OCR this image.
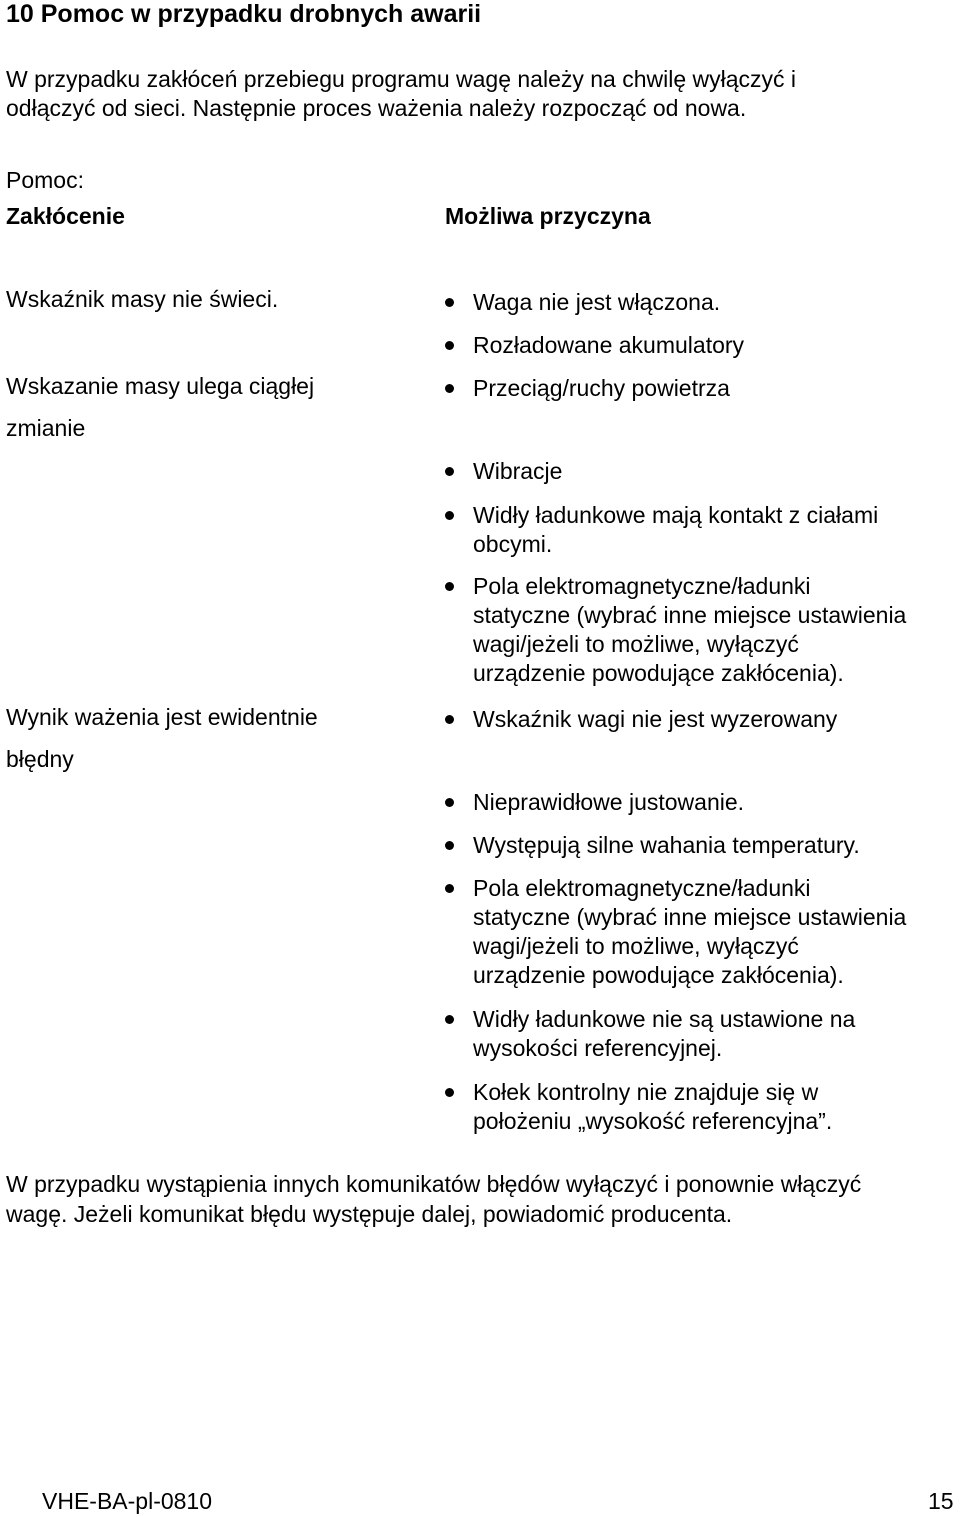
10 Pomoc w przypadku drobnych awarii
W przypadku zakłóceń przebiegu programu wagę należy na chwilę wyłączyć i
odłączyć od sieci. Następnie proces ważenia należy rozpocząć od nowa.
Pomoc:
Zakłócenie	Możliwa przyczyna
Wskaźnik masy nie świeci.
Wskazanie masy ulega ciągłej
zmianie
Wynik ważenia jest ewidentnie
błędny
Waga nie jest włączona.
Rozładowane akumulatory
Przeciąg/ruchy powietrza
Wibracje
Widły ładunkowe mają kontakt z ciałami
obcymi.
Pola elektromagnetyczne/ładunki
statyczne (wybrać inne miejsce ustawienia
wagi/jeżeli to możliwe, wyłączyć
urządzenie powodujące zakłócenia).
Wskaźnik wagi nie jest wyzerowany
Nieprawidłowe justowanie.
Występują silne wahania temperatury.
Pola elektromagnetyczne/ładunki
statyczne (wybrać inne miejsce ustawienia
wagi/jeżeli to możliwe, wyłączyć
urządzenie powodujące zakłócenia).
Widły ładunkowe nie są ustawione na
wysokości referencyjnej.
Kołek kontrolny nie znajduje się w
położeniu „wysokość referencyjna”.
W przypadku wystąpienia innych komunikatów błędów wyłączyć i ponownie włączyć
wagę. Jeżeli komunikat błędu występuje dalej, powiadomić producenta.
VHE-BA-pl-0810	15
